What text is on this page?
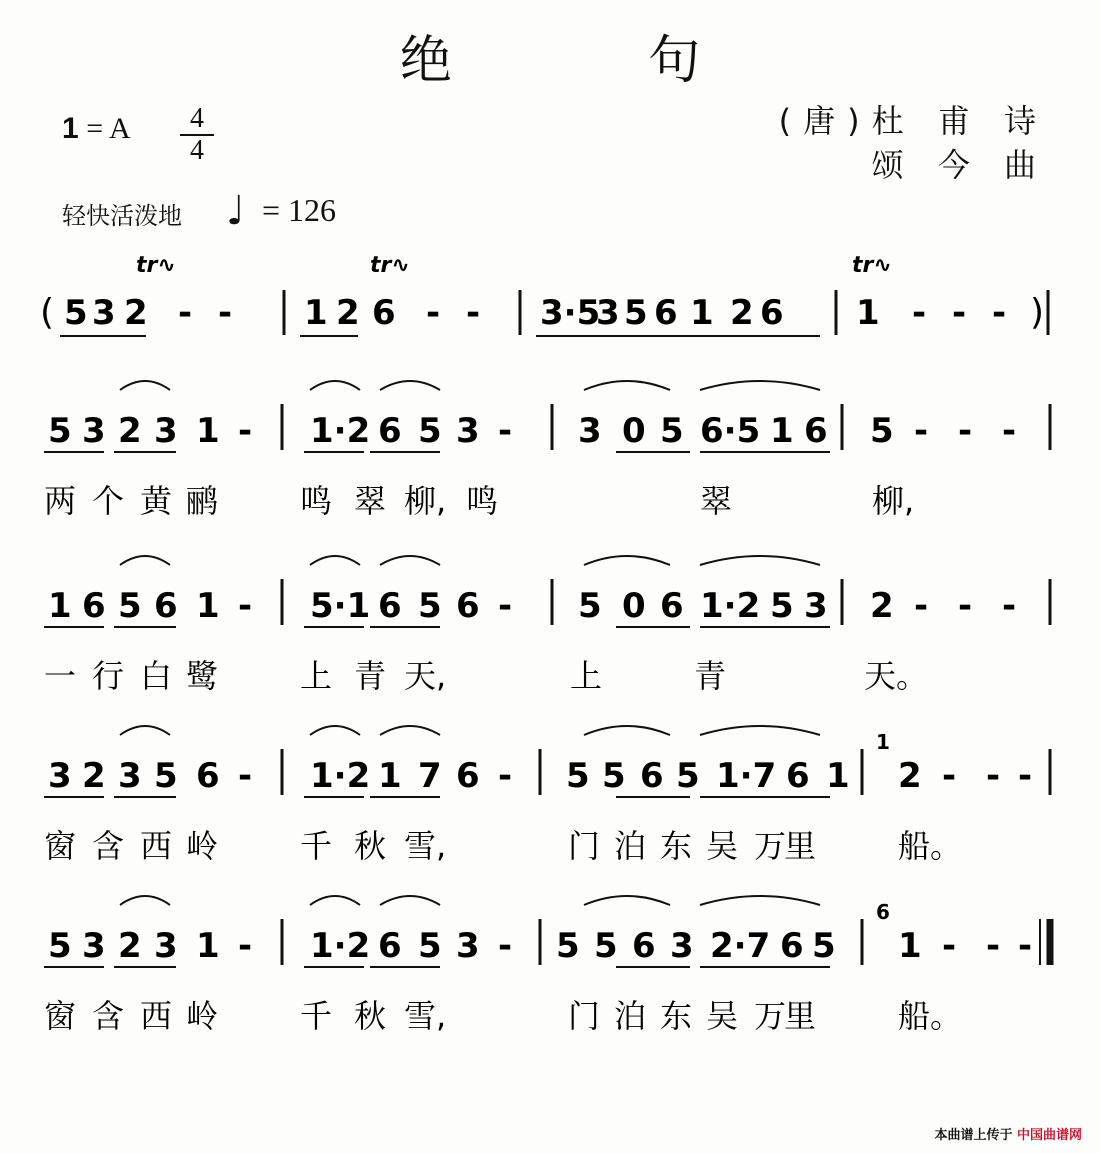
绝 句
1 = A	4
4
(唐)杜 甫 诗
颂 今 曲
轻快活泼地 ♩ = 126
( 5 3 2 - - 1 2 6 - - 3·5
3 5 6 1 2 6 1 - - - )
tr∿	tr∿	tr∿
5 3 2 3 1 - 1·2 6 5 3 - 3 0 5 6·5 1 6 5 - - -
两 个 黄 鹂	鸣 翠 柳, 鸣	翠	柳,
1 6 5 6 1 - 5·1 6 5 6 - 5 0 6 1·2 5 3 2 - - -
一 行 白 鹭	上 青 天,	上	青	天。
3 2 3 5 6 - 1·2 1 7 6 - 5 5 6 5 1·7 6 1 2 - - -
1
窗 含 西 岭	千 秋 雪,	门 泊 东 吴 万
里	船。
5 3 2 3 1 - 1·2 6 5 3 - 5 5 6 3 2·7 6 5 1 - - -
6
窗 含 西 岭	千 秋 雪,	门 泊 东 吴 万
里	船。
本曲谱上传于 中国曲谱网
